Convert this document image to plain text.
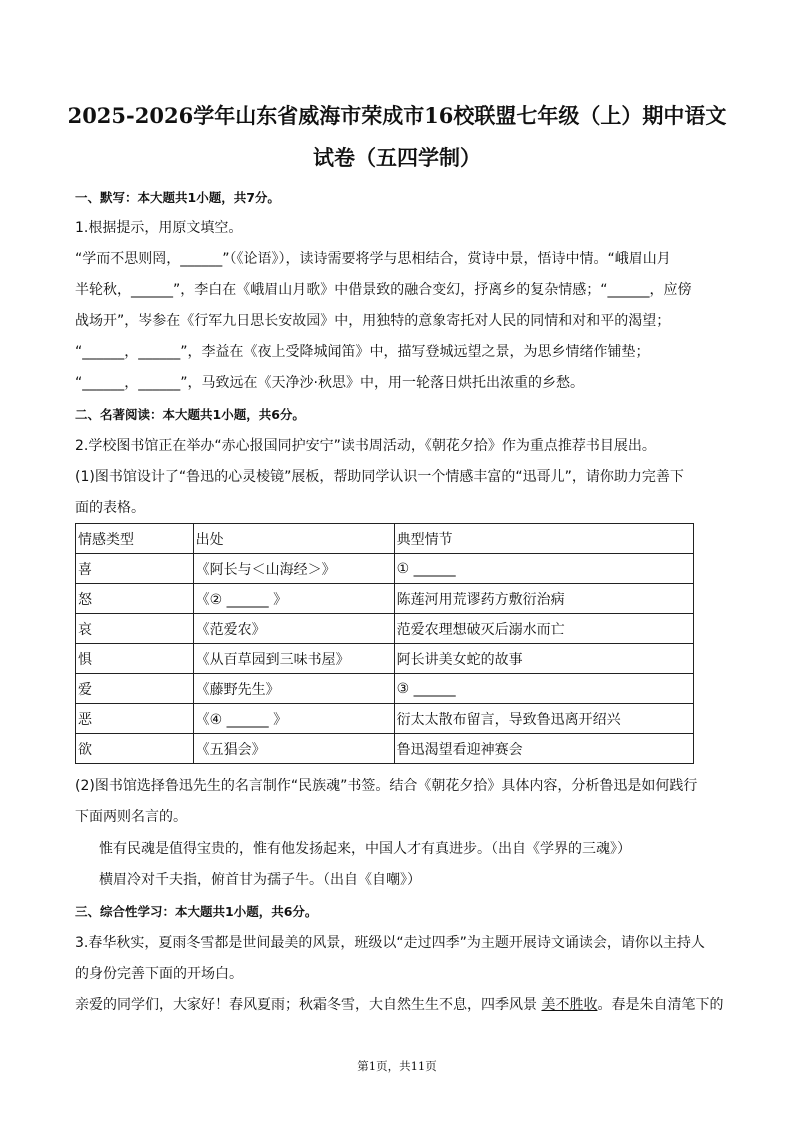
2025-2026学年山东省威海市荣成市16校联盟七年级（上）期中语文
试卷（五四学制）
一、默写：本大题共1小题，共7分。
1.根据提示，用原文填空。
“学而不思则罔，______”（《论语》），读诗需要将学与思相结合，赏诗中景，悟诗中情。“峨眉山月
半轮秋，______”，李白在《峨眉山月歌》中借景致的融合变幻，抒离乡的复杂情感；“______，应傍
战场开”，岑参在《行军九日思长安故园》中，用独特的意象寄托对人民的同情和对和平的渴望；
“______，______”，李益在《夜上受降城闻笛》中，描写登城远望之景，为思乡情绪作铺垫；
“______，______”，马致远在《天净沙·秋思》中，用一轮落日烘托出浓重的乡愁。
二、名著阅读：本大题共1小题，共6分。
2.学校图书馆正在举办“赤心报国同护安宁”读书周活动，《朝花夕拾》作为重点推荐书目展出。
(1)图书馆设计了“鲁迅的心灵棱镜”展板，帮助同学认识一个情感丰富的“迅哥儿”，请你助力完善下
面的表格。
情感类型	出处	典型情节
喜	《阿长与＜山海经＞》	① ______
怒	《② ______ 》	陈莲河用荒谬药方敷衍治病
哀	《范爱农》	范爱农理想破灭后溺水而亡
惧	《从百草园到三味书屋》	阿长讲美女蛇的故事
爱	《藤野先生》	③ ______
恶	《④ ______ 》	衍太太散布留言，导致鲁迅离开绍兴
欲	《五猖会》	鲁迅渴望看迎神赛会
(2)图书馆选择鲁迅先生的名言制作“民族魂”书签。结合《朝花夕拾》具体内容，分析鲁迅是如何践行
下面两则名言的。
惟有民魂是值得宝贵的，惟有他发扬起来，中国人才有真进步。（出自《学界的三魂》）
横眉冷对千夫指，俯首甘为孺子牛。（出自《自嘲》）
三、综合性学习：本大题共1小题，共6分。
3.春华秋实，夏雨冬雪都是世间最美的风景，班级以“走过四季”为主题开展诗文诵读会，请你以主持人
的身份完善下面的开场白。
亲爱的同学们，大家好！春风夏雨；秋霜冬雪，大自然生生不息，四季风景 美不胜收。春是朱自清笔下的
第1页，共11页
